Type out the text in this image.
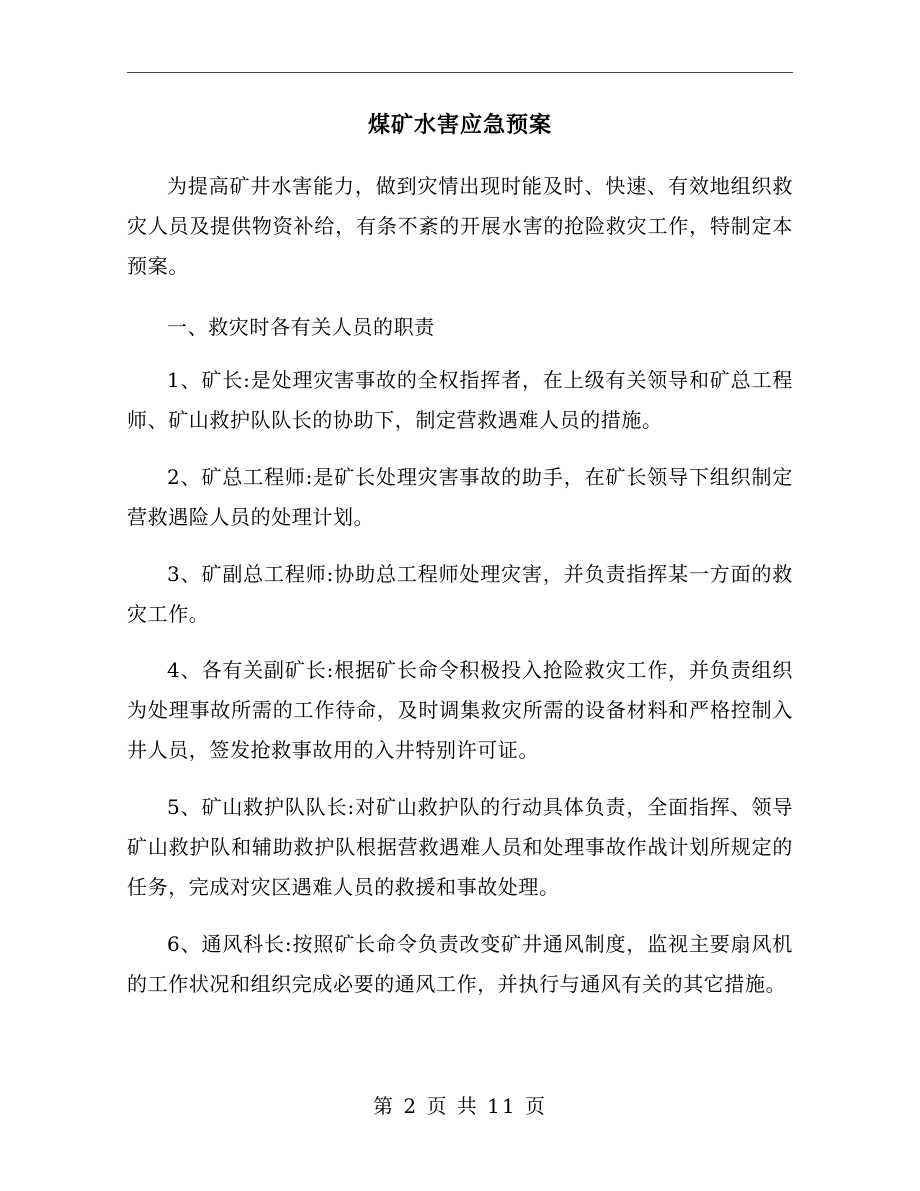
煤矿水害应急预案

为提高矿井水害能力，做到灾情出现时能及时、快速、有效地组织救灾人员及提供物资补给，有条不紊的开展水害的抢险救灾工作，特制定本预案。

一、救灾时各有关人员的职责

1、矿长:是处理灾害事故的全权指挥者，在上级有关领导和矿总工程师、矿山救护队队长的协助下，制定营救遇难人员的措施。

2、矿总工程师:是矿长处理灾害事故的助手，在矿长领导下组织制定营救遇险人员的处理计划。

3、矿副总工程师:协助总工程师处理灾害，并负责指挥某一方面的救灾工作。

4、各有关副矿长:根据矿长命令积极投入抢险救灾工作，并负责组织为处理事故所需的工作待命，及时调集救灾所需的设备材料和严格控制入井人员，签发抢救事故用的入井特别许可证。

5、矿山救护队队长:对矿山救护队的行动具体负责，全面指挥、领导矿山救护队和辅助救护队根据营救遇难人员和处理事故作战计划所规定的任务，完成对灾区遇难人员的救援和事故处理。

6、通风科长:按照矿长命令负责改变矿井通风制度，监视主要扇风机的工作状况和组织完成必要的通风工作，并执行与通风有关的其它措施。

第 2 页 共 11 页
